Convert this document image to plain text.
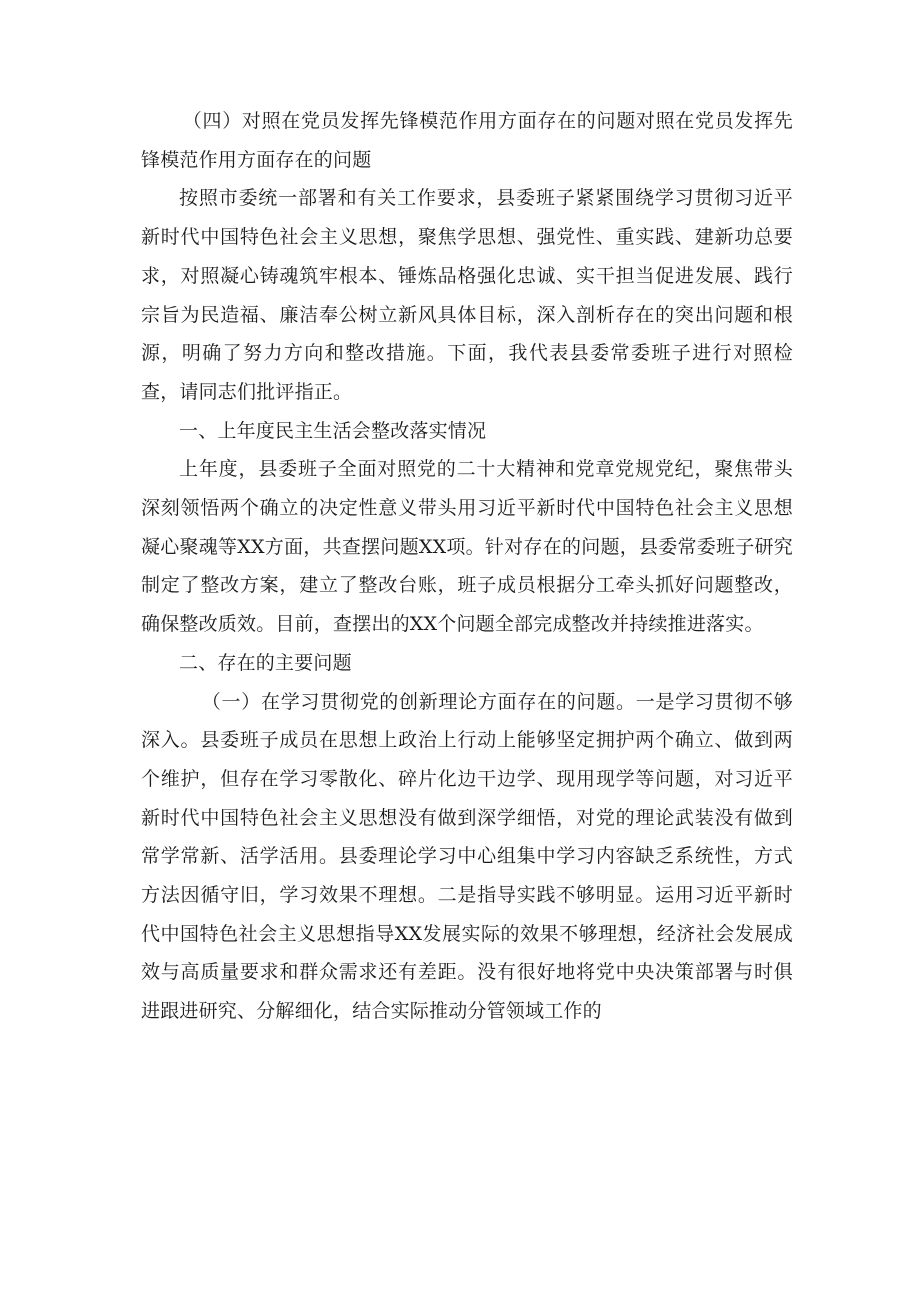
（四）对照在党员发挥先锋模范作用方面存在的问题对照在党员发挥先锋模范作用方面存在的问题

按照市委统一部署和有关工作要求，县委班子紧紧围绕学习贯彻习近平新时代中国特色社会主义思想，聚焦学思想、强党性、重实践、建新功总要求，对照凝心铸魂筑牢根本、锤炼品格强化忠诚、实干担当促进发展、践行宗旨为民造福、廉洁奉公树立新风具体目标，深入剖析存在的突出问题和根源，明确了努力方向和整改措施。下面，我代表县委常委班子进行对照检查，请同志们批评指正。

一、上年度民主生活会整改落实情况

上年度，县委班子全面对照党的二十大精神和党章党规党纪，聚焦带头深刻领悟两个确立的决定性意义带头用习近平新时代中国特色社会主义思想凝心聚魂等XX方面，共查摆问题XX项。针对存在的问题，县委常委班子研究制定了整改方案，建立了整改台账，班子成员根据分工牵头抓好问题整改，确保整改质效。目前，查摆出的XX个问题全部完成整改并持续推进落实。

二、存在的主要问题

（一）在学习贯彻党的创新理论方面存在的问题。一是学习贯彻不够深入。县委班子成员在思想上政治上行动上能够坚定拥护两个确立、做到两个维护，但存在学习零散化、碎片化边干边学、现用现学等问题，对习近平新时代中国特色社会主义思想没有做到深学细悟，对党的理论武装没有做到常学常新、活学活用。县委理论学习中心组集中学习内容缺乏系统性，方式方法因循守旧，学习效果不理想。二是指导实践不够明显。运用习近平新时代中国特色社会主义思想指导XX发展实际的效果不够理想，经济社会发展成效与高质量要求和群众需求还有差距。没有很好地将党中央决策部署与时俱进跟进研究、分解细化，结合实际推动分管领域工作的
